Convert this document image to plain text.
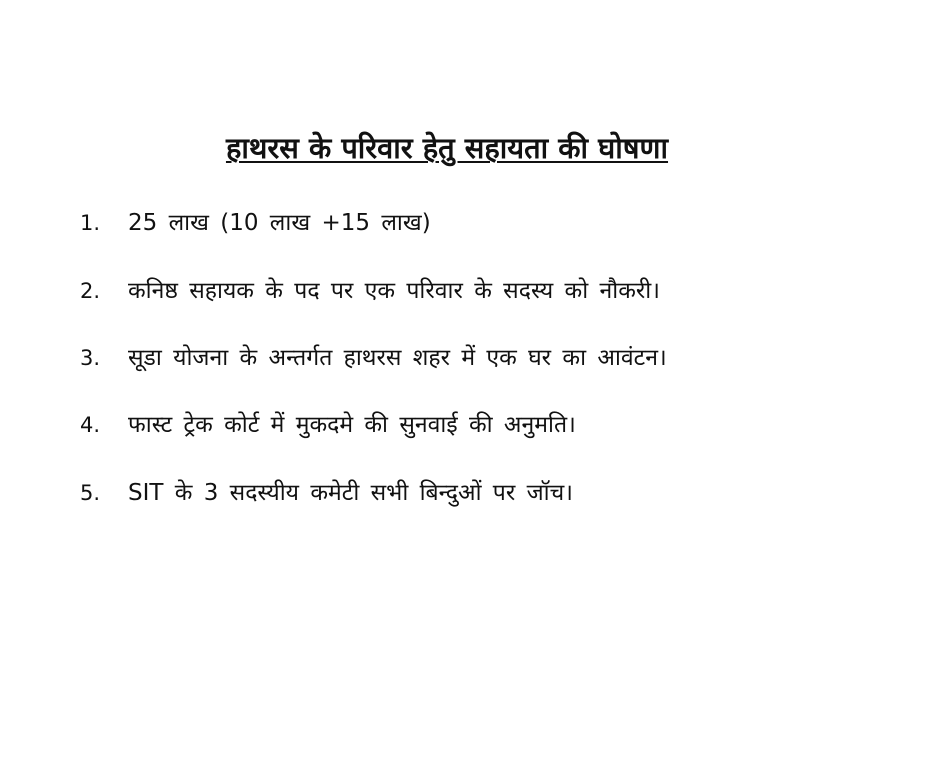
हाथरस के परिवार हेतु सहायता की घोषणा
1. 25 लाख (10 लाख +15 लाख)
2. कनिष्ठ सहायक के पद पर एक परिवार के सदस्य को नौकरी।
3. सूडा योजना के अन्तर्गत हाथरस शहर में एक घर का आवंटन।
4. फास्ट ट्रेक कोर्ट में मुकदमे की सुनवाई की अनुमति।
5. SIT के 3 सदस्यीय कमेटी सभी बिन्दुओं पर जॉच।
